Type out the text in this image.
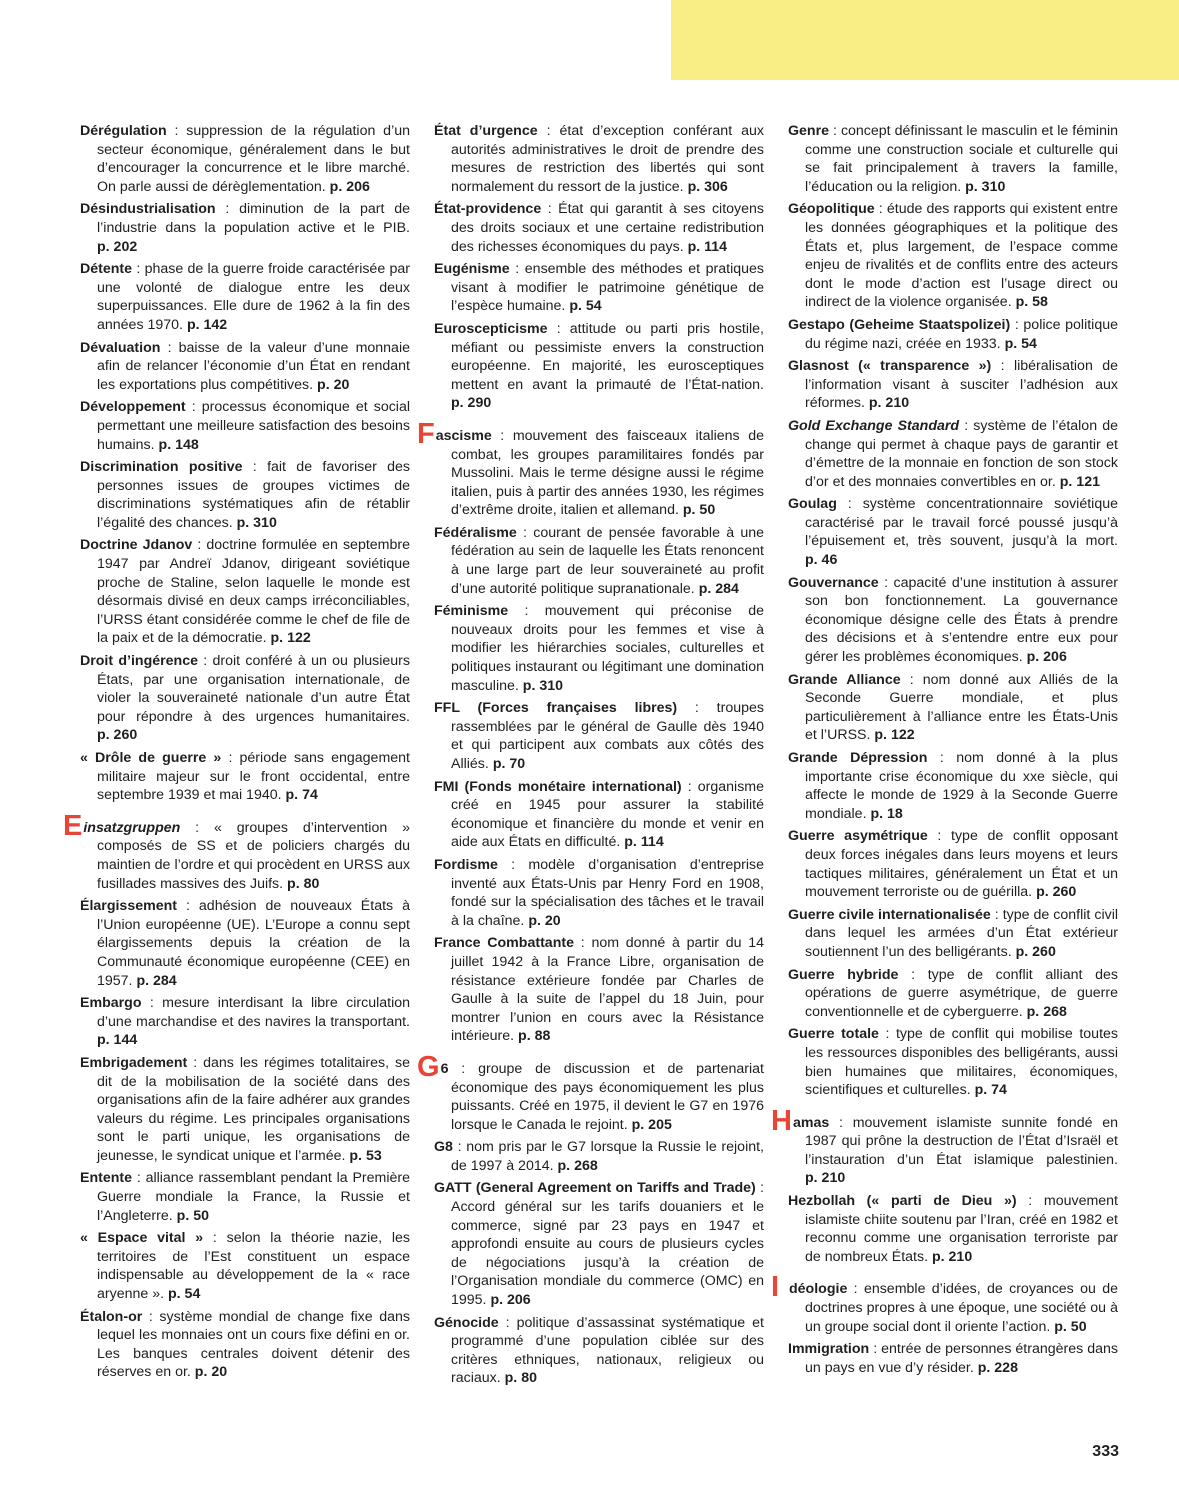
Dérégulation : suppression de la régulation d’un secteur économique, généralement dans le but d’encourager la concurrence et le libre marché. On parle aussi de dérèglementation. p. 206

Désindustrialisation : diminution de la part de l’industrie dans la population active et le PIB. p. 202

Détente : phase de la guerre froide caractérisée par une volonté de dialogue entre les deux superpuissances. Elle dure de 1962 à la fin des années 1970. p. 142

Dévaluation : baisse de la valeur d’une monnaie afin de relancer l’économie d’un État en rendant les exportations plus compétitives. p. 20

Développement : processus économique et social permettant une meilleure satisfaction des besoins humains. p. 148

Discrimination positive : fait de favoriser des personnes issues de groupes victimes de discriminations systématiques afin de rétablir l’égalité des chances. p. 310

Doctrine Jdanov : doctrine formulée en septembre 1947 par Andreï Jdanov, dirigeant soviétique proche de Staline, selon laquelle le monde est désormais divisé en deux camps irréconciliables, l’URSS étant considérée comme le chef de file de la paix et de la démocratie. p. 122

Droit d’ingérence : droit conféré à un ou plusieurs États, par une organisation internationale, de violer la souveraineté nationale d’un autre État pour répondre à des urgences humanitaires. p. 260

« Drôle de guerre » : période sans engagement militaire majeur sur le front occidental, entre septembre 1939 et mai 1940. p. 74

Einsatzgruppen : « groupes d’intervention » composés de SS et de policiers chargés du maintien de l’ordre et qui procèdent en URSS aux fusillades massives des Juifs. p. 80

Élargissement : adhésion de nouveaux États à l’Union européenne (UE). L’Europe a connu sept élargissements depuis la création de la Communauté économique européenne (CEE) en 1957. p. 284

Embargo : mesure interdisant la libre circulation d’une marchandise et des navires la transportant. p. 144

Embrigadement : dans les régimes totalitaires, se dit de la mobilisation de la société dans des organisations afin de la faire adhérer aux grandes valeurs du régime. Les principales organisations sont le parti unique, les organisations de jeunesse, le syndicat unique et l’armée. p. 53

Entente : alliance rassemblant pendant la Première Guerre mondiale la France, la Russie et l’Angleterre. p. 50

« Espace vital » : selon la théorie nazie, les territoires de l’Est constituent un espace indispensable au développement de la « race aryenne ». p. 54

Étalon-or : système mondial de change fixe dans lequel les monnaies ont un cours fixe défini en or. Les banques centrales doivent détenir des réserves en or. p. 20

État d’urgence : état d’exception conférant aux autorités administratives le droit de prendre des mesures de restriction des libertés qui sont normalement du ressort de la justice. p. 306

État-providence : État qui garantit à ses citoyens des droits sociaux et une certaine redistribution des richesses économiques du pays. p. 114

Eugénisme : ensemble des méthodes et pratiques visant à modifier le patrimoine génétique de l’espèce humaine. p. 54

Euroscepticisme : attitude ou parti pris hostile, méfiant ou pessimiste envers la construction européenne. En majorité, les eurosceptiques mettent en avant la primauté de l’État-nation. p. 290

Fascisme : mouvement des faisceaux italiens de combat, les groupes paramilitaires fondés par Mussolini. Mais le terme désigne aussi le régime italien, puis à partir des années 1930, les régimes d’extrême droite, italien et allemand. p. 50

Fédéralisme : courant de pensée favorable à une fédération au sein de laquelle les États renoncent à une large part de leur souveraineté au profit d’une autorité politique supranationale. p. 284

Féminisme : mouvement qui préconise de nouveaux droits pour les femmes et vise à modifier les hiérarchies sociales, culturelles et politiques instaurant ou légitimant une domination masculine. p. 310

FFL (Forces françaises libres) : troupes rassemblées par le général de Gaulle dès 1940 et qui participent aux combats aux côtés des Alliés. p. 70

FMI (Fonds monétaire international) : organisme créé en 1945 pour assurer la stabilité économique et financière du monde et venir en aide aux États en difficulté. p. 114

Fordisme : modèle d’organisation d’entreprise inventé aux États-Unis par Henry Ford en 1908, fondé sur la spécialisation des tâches et le travail à la chaîne. p. 20

France Combattante : nom donné à partir du 14 juillet 1942 à la France Libre, organisation de résistance extérieure fondée par Charles de Gaulle à la suite de l’appel du 18 Juin, pour montrer l’union en cours avec la Résistance intérieure. p. 88

G6 : groupe de discussion et de partenariat économique des pays économiquement les plus puissants. Créé en 1975, il devient le G7 en 1976 lorsque le Canada le rejoint. p. 205

G8 : nom pris par le G7 lorsque la Russie le rejoint, de 1997 à 2014. p. 268

GATT (General Agreement on Tariffs and Trade) : Accord général sur les tarifs douaniers et le commerce, signé par 23 pays en 1947 et approfondi ensuite au cours de plusieurs cycles de négociations jusqu’à la création de l’Organisation mondiale du commerce (OMC) en 1995. p. 206

Génocide : politique d’assassinat systématique et programmé d’une population ciblée sur des critères ethniques, nationaux, religieux ou raciaux. p. 80

Genre : concept définissant le masculin et le féminin comme une construction sociale et culturelle qui se fait principalement à travers la famille, l’éducation ou la religion. p. 310

Géopolitique : étude des rapports qui existent entre les données géographiques et la politique des États et, plus largement, de l’espace comme enjeu de rivalités et de conflits entre des acteurs dont le mode d’action est l’usage direct ou indirect de la violence organisée. p. 58

Gestapo (Geheime Staatspolizei) : police politique du régime nazi, créée en 1933. p. 54

Glasnost (« transparence ») : libéralisation de l’information visant à susciter l’adhésion aux réformes. p. 210

Gold Exchange Standard : système de l’étalon de change qui permet à chaque pays de garantir et d’émettre de la monnaie en fonction de son stock d’or et des monnaies convertibles en or. p. 121

Goulag : système concentrationnaire soviétique caractérisé par le travail forcé poussé jusqu’à l’épuisement et, très souvent, jusqu’à la mort. p. 46

Gouvernance : capacité d’une institution à assurer son bon fonctionnement. La gouvernance économique désigne celle des États à prendre des décisions et à s’entendre entre eux pour gérer les problèmes économiques. p. 206

Grande Alliance : nom donné aux Alliés de la Seconde Guerre mondiale, et plus particulièrement à l’alliance entre les États-Unis et l’URSS. p. 122

Grande Dépression : nom donné à la plus importante crise économique du xxe siècle, qui affecte le monde de 1929 à la Seconde Guerre mondiale. p. 18

Guerre asymétrique : type de conflit opposant deux forces inégales dans leurs moyens et leurs tactiques militaires, généralement un État et un mouvement terroriste ou de guérilla. p. 260

Guerre civile internationalisée : type de conflit civil dans lequel les armées d’un État extérieur soutiennent l’un des belligérants. p. 260

Guerre hybride : type de conflit alliant des opérations de guerre asymétrique, de guerre conventionnelle et de cyberguerre. p. 268

Guerre totale : type de conflit qui mobilise toutes les ressources disponibles des belligérants, aussi bien humaines que militaires, économiques, scientifiques et culturelles. p. 74

Hamas : mouvement islamiste sunnite fondé en 1987 qui prône la destruction de l’État d’Israël et l’instauration d’un État islamique palestinien. p. 210

Hezbollah (« parti de Dieu ») : mouvement islamiste chiite soutenu par l’Iran, créé en 1982 et reconnu comme une organisation terroriste par de nombreux États. p. 210

Idéologie : ensemble d’idées, de croyances ou de doctrines propres à une époque, une société ou à un groupe social dont il oriente l’action. p. 50

Immigration : entrée de personnes étrangères dans un pays en vue d’y résider. p. 228

333
